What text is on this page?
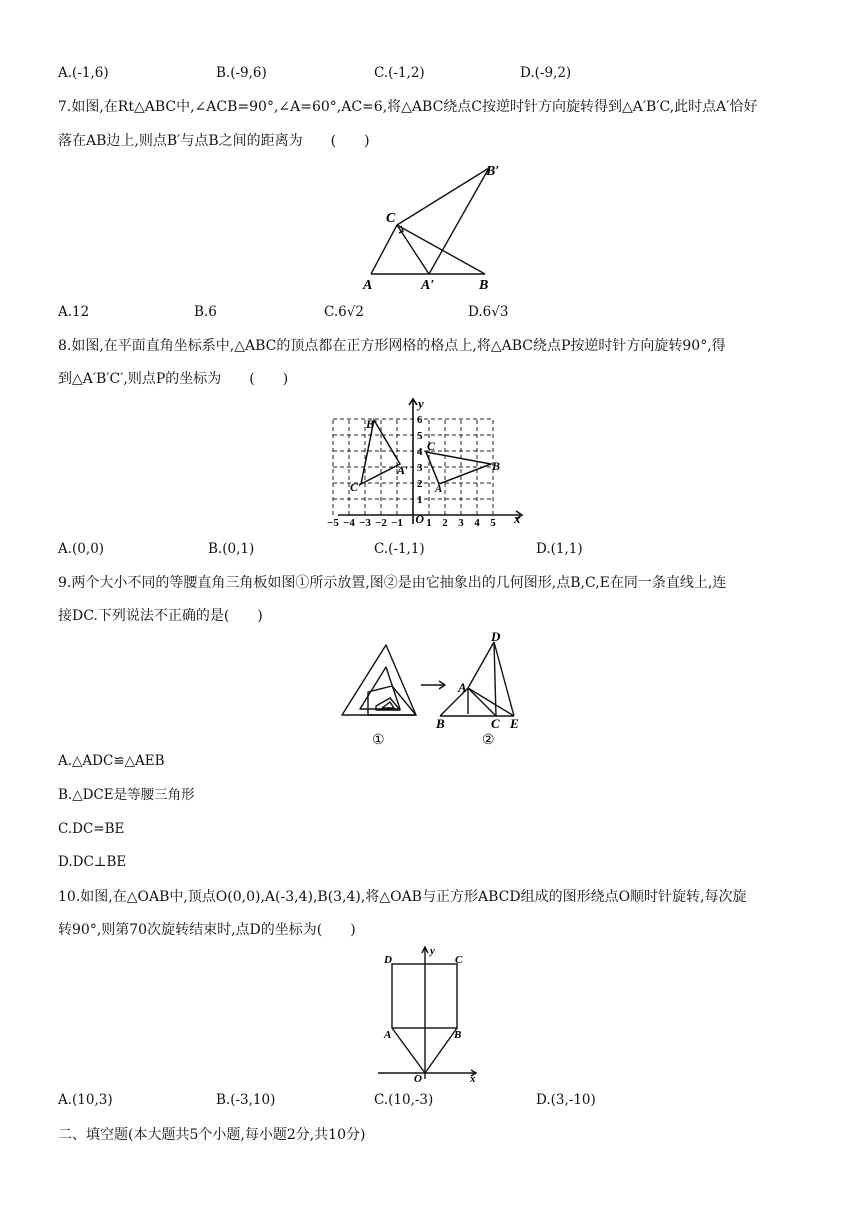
A.(-1,6)	B.(-9,6)	C.(-1,2)	D.(-9,2)
7.如图,在Rt△ABC中,∠ACB=90°,∠A=60°,AC=6,将△ABC绕点C按逆时针方向旋转得到△A′B′C,此时点A′恰好
落在AB边上,则点B′与点B之间的距离为　　(　　)
B′
C
A	A′	B
A.12	B.6	C.6√2	D.6√3
8.如图,在平面直角坐标系中,△ABC的顶点都在正方形网格的格点上,将△ABC绕点P按逆时针方向旋转90°,得
到△A′B′C′,则点P的坐标为　　(　　)
−5 −4 −3 −2 −1 1 2 3 4 5
1
2
3
4
5
6
y
x
O
B′
A′
C′
C
B
A
A.(0,0)	B.(0,1)	C.(-1,1)	D.(1,1)
9.两个大小不同的等腰直角三角板如图①所示放置,图②是由它抽象出的几何图形,点B,C,E在同一条直线上,连
接DC.下列说法不正确的是(　　)
D
A
B	C E
①	②
A.△ADC≌△AEB
B.△DCE是等腰三角形
C.DC=BE
D.DC⊥BE
10.如图,在△OAB中,顶点O(0,0),A(-3,4),B(3,4),将△OAB与正方形ABCD组成的图形绕点O顺时针旋转,每次旋
转90°,则第70次旋转结束时,点D的坐标为(　　)
y
x
D	C
A	B
O
A.(10,3)	B.(-3,10)	C.(10,-3)	D.(3,-10)
二、填空题(本大题共5个小题,每小题2分,共10分)
